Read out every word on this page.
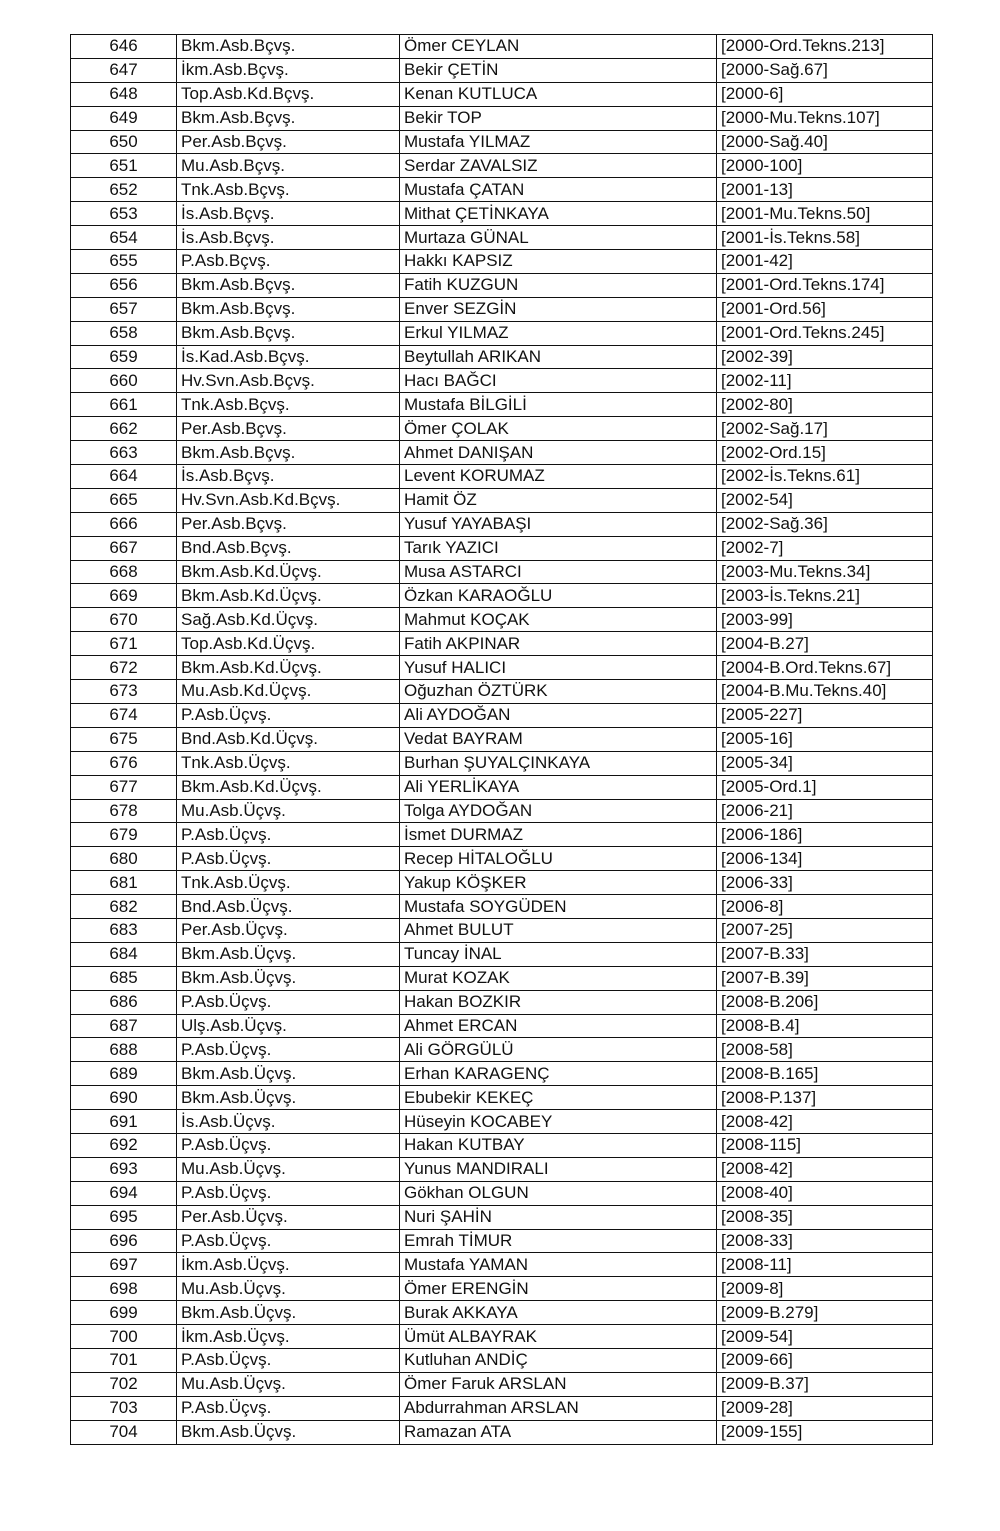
646	Bkm.Asb.Bçvş.	Ömer CEYLAN	[2000-Ord.Tekns.213]
647	İkm.Asb.Bçvş.	Bekir ÇETİN	[2000-Sağ.67]
648	Top.Asb.Kd.Bçvş.	Kenan KUTLUCA	[2000-6]
649	Bkm.Asb.Bçvş.	Bekir TOP	[2000-Mu.Tekns.107]
650	Per.Asb.Bçvş.	Mustafa YILMAZ	[2000-Sağ.40]
651	Mu.Asb.Bçvş.	Serdar ZAVALSIZ	[2000-100]
652	Tnk.Asb.Bçvş.	Mustafa ÇATAN	[2001-13]
653	İs.Asb.Bçvş.	Mithat ÇETİNKAYA	[2001-Mu.Tekns.50]
654	İs.Asb.Bçvş.	Murtaza GÜNAL	[2001-İs.Tekns.58]
655	P.Asb.Bçvş.	Hakkı KAPSIZ	[2001-42]
656	Bkm.Asb.Bçvş.	Fatih KUZGUN	[2001-Ord.Tekns.174]
657	Bkm.Asb.Bçvş.	Enver SEZGİN	[2001-Ord.56]
658	Bkm.Asb.Bçvş.	Erkul YILMAZ	[2001-Ord.Tekns.245]
659	İs.Kad.Asb.Bçvş.	Beytullah ARIKAN	[2002-39]
660	Hv.Svn.Asb.Bçvş.	Hacı BAĞCI	[2002-11]
661	Tnk.Asb.Bçvş.	Mustafa BİLGİLİ	[2002-80]
662	Per.Asb.Bçvş.	Ömer ÇOLAK	[2002-Sağ.17]
663	Bkm.Asb.Bçvş.	Ahmet DANIŞAN	[2002-Ord.15]
664	İs.Asb.Bçvş.	Levent KORUMAZ	[2002-İs.Tekns.61]
665	Hv.Svn.Asb.Kd.Bçvş.	Hamit ÖZ	[2002-54]
666	Per.Asb.Bçvş.	Yusuf YAYABAŞI	[2002-Sağ.36]
667	Bnd.Asb.Bçvş.	Tarık YAZICI	[2002-7]
668	Bkm.Asb.Kd.Üçvş.	Musa ASTARCI	[2003-Mu.Tekns.34]
669	Bkm.Asb.Kd.Üçvş.	Özkan KARAOĞLU	[2003-İs.Tekns.21]
670	Sağ.Asb.Kd.Üçvş.	Mahmut KOÇAK	[2003-99]
671	Top.Asb.Kd.Üçvş.	Fatih AKPINAR	[2004-B.27]
672	Bkm.Asb.Kd.Üçvş.	Yusuf HALICI	[2004-B.Ord.Tekns.67]
673	Mu.Asb.Kd.Üçvş.	Oğuzhan ÖZTÜRK	[2004-B.Mu.Tekns.40]
674	P.Asb.Üçvş.	Ali AYDOĞAN	[2005-227]
675	Bnd.Asb.Kd.Üçvş.	Vedat BAYRAM	[2005-16]
676	Tnk.Asb.Üçvş.	Burhan ŞUYALÇINKAYA	[2005-34]
677	Bkm.Asb.Kd.Üçvş.	Ali YERLİKAYA	[2005-Ord.1]
678	Mu.Asb.Üçvş.	Tolga AYDOĞAN	[2006-21]
679	P.Asb.Üçvş.	İsmet DURMAZ	[2006-186]
680	P.Asb.Üçvş.	Recep HİTALOĞLU	[2006-134]
681	Tnk.Asb.Üçvş.	Yakup KÖŞKER	[2006-33]
682	Bnd.Asb.Üçvş.	Mustafa SOYGÜDEN	[2006-8]
683	Per.Asb.Üçvş.	Ahmet BULUT	[2007-25]
684	Bkm.Asb.Üçvş.	Tuncay İNAL	[2007-B.33]
685	Bkm.Asb.Üçvş.	Murat KOZAK	[2007-B.39]
686	P.Asb.Üçvş.	Hakan BOZKIR	[2008-B.206]
687	Ulş.Asb.Üçvş.	Ahmet ERCAN	[2008-B.4]
688	P.Asb.Üçvş.	Ali GÖRGÜLÜ	[2008-58]
689	Bkm.Asb.Üçvş.	Erhan KARAGENÇ	[2008-B.165]
690	Bkm.Asb.Üçvş.	Ebubekir KEKEÇ	[2008-P.137]
691	İs.Asb.Üçvş.	Hüseyin KOCABEY	[2008-42]
692	P.Asb.Üçvş.	Hakan KUTBAY	[2008-115]
693	Mu.Asb.Üçvş.	Yunus MANDIRALI	[2008-42]
694	P.Asb.Üçvş.	Gökhan OLGUN	[2008-40]
695	Per.Asb.Üçvş.	Nuri ŞAHİN	[2008-35]
696	P.Asb.Üçvş.	Emrah TİMUR	[2008-33]
697	İkm.Asb.Üçvş.	Mustafa YAMAN	[2008-11]
698	Mu.Asb.Üçvş.	Ömer ERENGİN	[2009-8]
699	Bkm.Asb.Üçvş.	Burak AKKAYA	[2009-B.279]
700	İkm.Asb.Üçvş.	Ümüt ALBAYRAK	[2009-54]
701	P.Asb.Üçvş.	Kutluhan ANDİÇ	[2009-66]
702	Mu.Asb.Üçvş.	Ömer Faruk ARSLAN	[2009-B.37]
703	P.Asb.Üçvş.	Abdurrahman ARSLAN	[2009-28]
704	Bkm.Asb.Üçvş.	Ramazan ATA	[2009-155]
